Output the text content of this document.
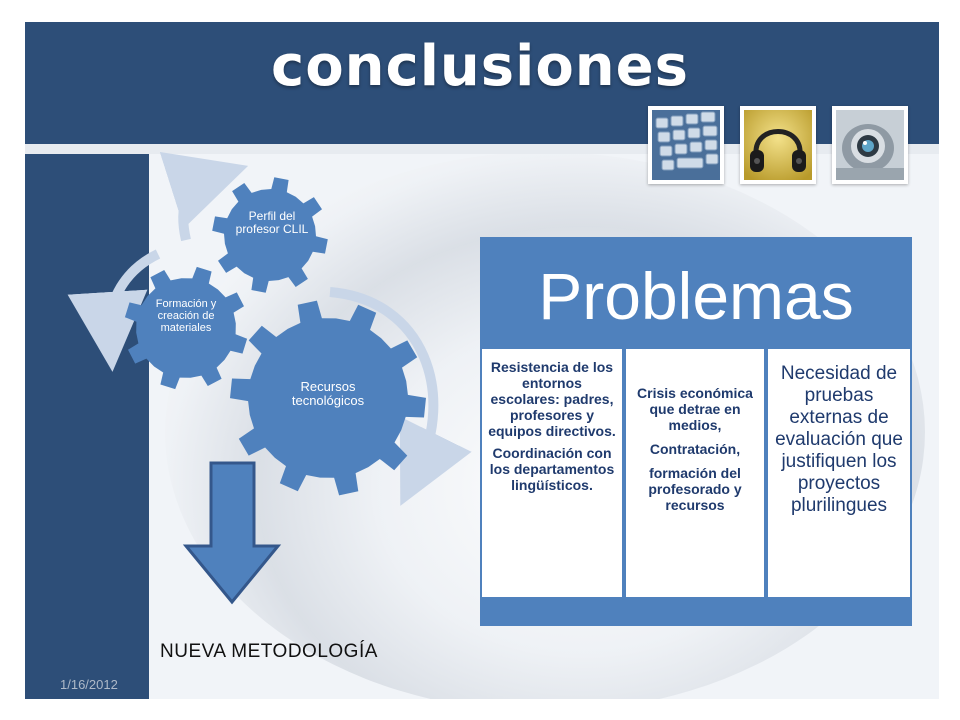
conclusiones
1/16/2012
Recursos tecnológicos
Formación y creación de materiales
Perfil del profesor CLIL
NUEVA METODOLOGÍA
Problemas

Resistencia de los entornos escolares: padres, profesores y equipos directivos.

Coordinación con los departamentos lingüísticos.

Crisis económica que detrae en medios,

Contratación,

formación del profesorado y recursos

Necesidad de pruebas externas de evaluación que justifiquen los proyectos plurilingues
